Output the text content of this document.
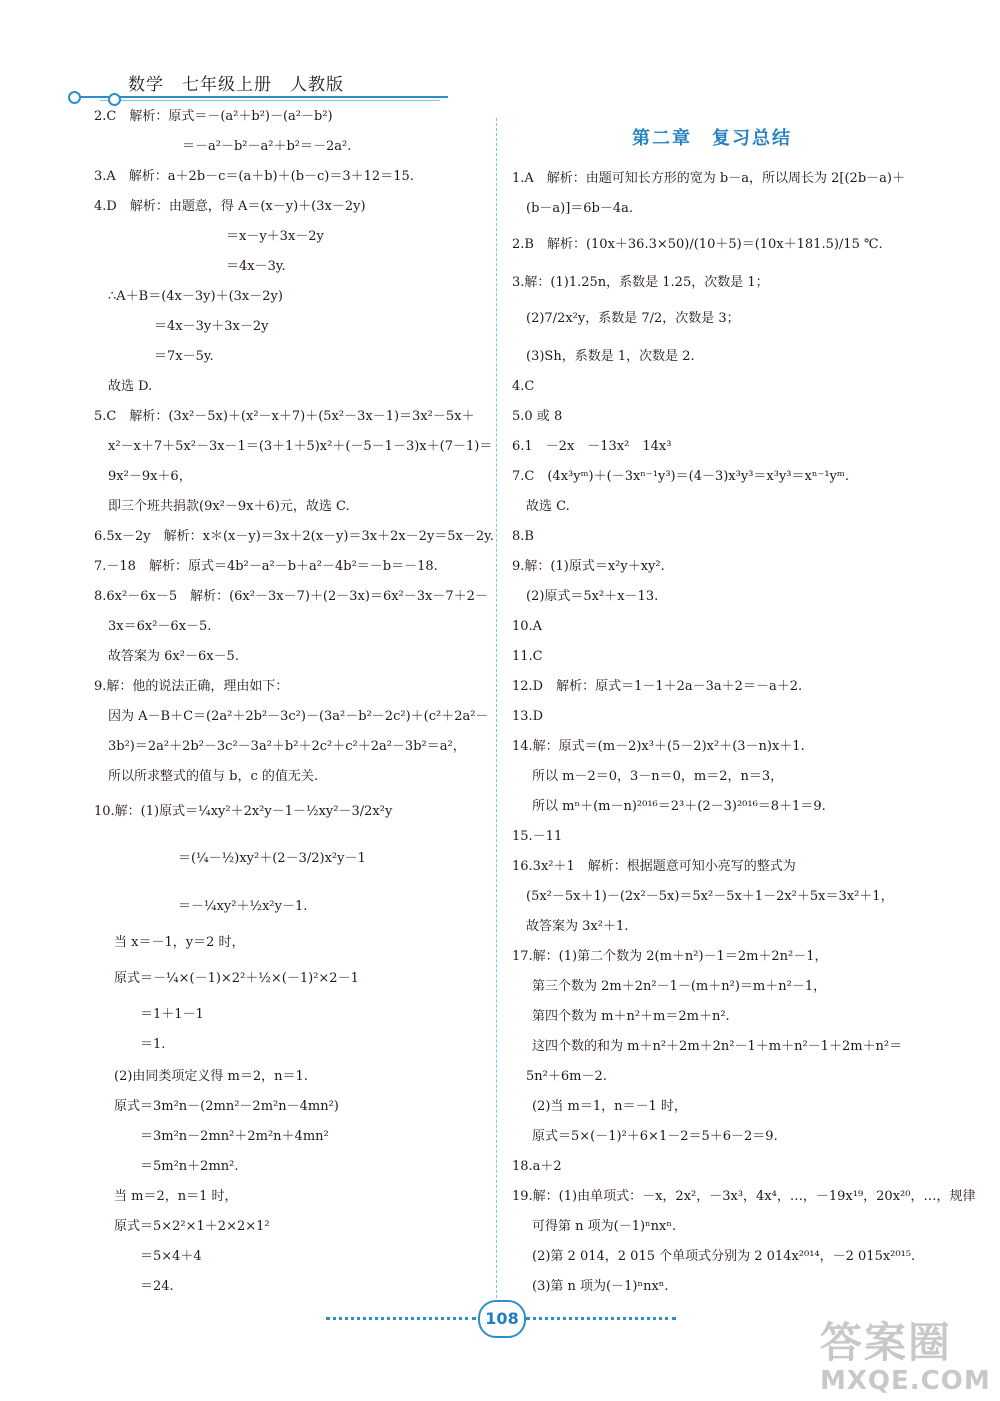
数学　七年级上册　人教版
第二章　复习总结
2.C　解析：原式＝－(a²＋b²)－(a²－b²)
＝－a²－b²－a²＋b²＝－2a².
3.A　解析：a＋2b－c＝(a＋b)＋(b－c)＝3＋12＝15.
4.D　解析：由题意，得 A＝(x－y)＋(3x－2y)
＝x－y＋3x－2y
＝4x－3y.
∴A＋B＝(4x－3y)＋(3x－2y)
＝4x－3y＋3x－2y
＝7x－5y.
故选 D.
5.C　解析：(3x²－5x)＋(x²－x＋7)＋(5x²－3x－1)＝3x²－5x＋
x²－x＋7＋5x²－3x－1＝(3＋1＋5)x²＋(－5－1－3)x＋(7－1)＝
9x²－9x＋6，
即三个班共捐款(9x²－9x＋6)元，故选 C.
6.5x－2y　解析：x＊(x－y)＝3x＋2(x－y)＝3x＋2x－2y＝5x－2y.
7.－18　解析：原式＝4b²－a²－b＋a²－4b²＝－b＝－18.
8.6x²－6x－5　解析：(6x²－3x－7)＋(2－3x)＝6x²－3x－7＋2－
3x＝6x²－6x－5.
故答案为 6x²－6x－5.
9.解：他的说法正确，理由如下：
因为 A－B＋C＝(2a²＋2b²－3c²)－(3a²－b²－2c²)＋(c²＋2a²－
3b²)＝2a²＋2b²－3c²－3a²＋b²＋2c²＋c²＋2a²－3b²＝a²，
所以所求整式的值与 b，c 的值无关.
10.解：(1)原式＝¼xy²＋2x²y－1－½xy²－3/2x²y
＝(¼－½)xy²＋(2－3/2)x²y－1
＝－¼xy²＋½x²y－1.
当 x＝－1，y＝2 时，
原式＝－¼×(－1)×2²＋½×(－1)²×2－1
＝1＋1－1
＝1.
(2)由同类项定义得 m＝2，n＝1.
原式＝3m²n－(2mn²－2m²n－4mn²)
＝3m²n－2mn²＋2m²n＋4mn²
＝5m²n＋2mn².
当 m＝2，n＝1 时，
原式＝5×2²×1＋2×2×1²
＝5×4＋4
＝24.
1.A　解析：由题可知长方形的宽为 b－a，所以周长为 2[(2b－a)＋
(b－a)]＝6b－4a.
2.B　解析：(10x＋36.3×50)/(10＋5)＝(10x＋181.5)/15 ℃.
3.解：(1)1.25n，系数是 1.25，次数是 1；
(2)7/2x²y，系数是 7/2，次数是 3；
(3)Sh，系数是 1，次数是 2.
4.C
5.0 或 8
6.1　－2x　－13x²　14x³
7.C　(4x³yᵐ)＋(－3xⁿ⁻¹y³)＝(4－3)x³y³＝x³y³＝xⁿ⁻¹yᵐ.
故选 C.
8.B
9.解：(1)原式＝x²y＋xy².
(2)原式＝5x²＋x－13.
10.A
11.C
12.D　解析：原式＝1－1＋2a－3a＋2＝－a＋2.
13.D
14.解：原式＝(m－2)x³＋(5－2)x²＋(3－n)x＋1.
所以 m－2＝0，3－n＝0，m＝2，n＝3，
所以 mⁿ＋(m－n)²⁰¹⁶＝2³＋(2－3)²⁰¹⁶＝8＋1＝9.
15.－11
16.3x²＋1　解析：根据题意可知小亮写的整式为
(5x²－5x＋1)－(2x²－5x)＝5x²－5x＋1－2x²＋5x＝3x²＋1，
故答案为 3x²＋1.
17.解：(1)第二个数为 2(m＋n²)－1＝2m＋2n²－1，
第三个数为 2m＋2n²－1－(m＋n²)＝m＋n²－1，
第四个数为 m＋n²＋m＝2m＋n².
这四个数的和为 m＋n²＋2m＋2n²－1＋m＋n²－1＋2m＋n²＝
5n²＋6m－2.
(2)当 m＝1，n＝－1 时，
原式＝5×(－1)²＋6×1－2＝5＋6－2＝9.
18.a＋2
19.解：(1)由单项式：－x，2x²，－3x³，4x⁴，…，－19x¹⁹，20x²⁰，…，规律
可得第 n 项为(－1)ⁿnxⁿ.
(2)第 2 014，2 015 个单项式分别为 2 014x²⁰¹⁴，－2 015x²⁰¹⁵.
(3)第 n 项为(－1)ⁿnxⁿ.
108	答案圈
MXQE.COM
